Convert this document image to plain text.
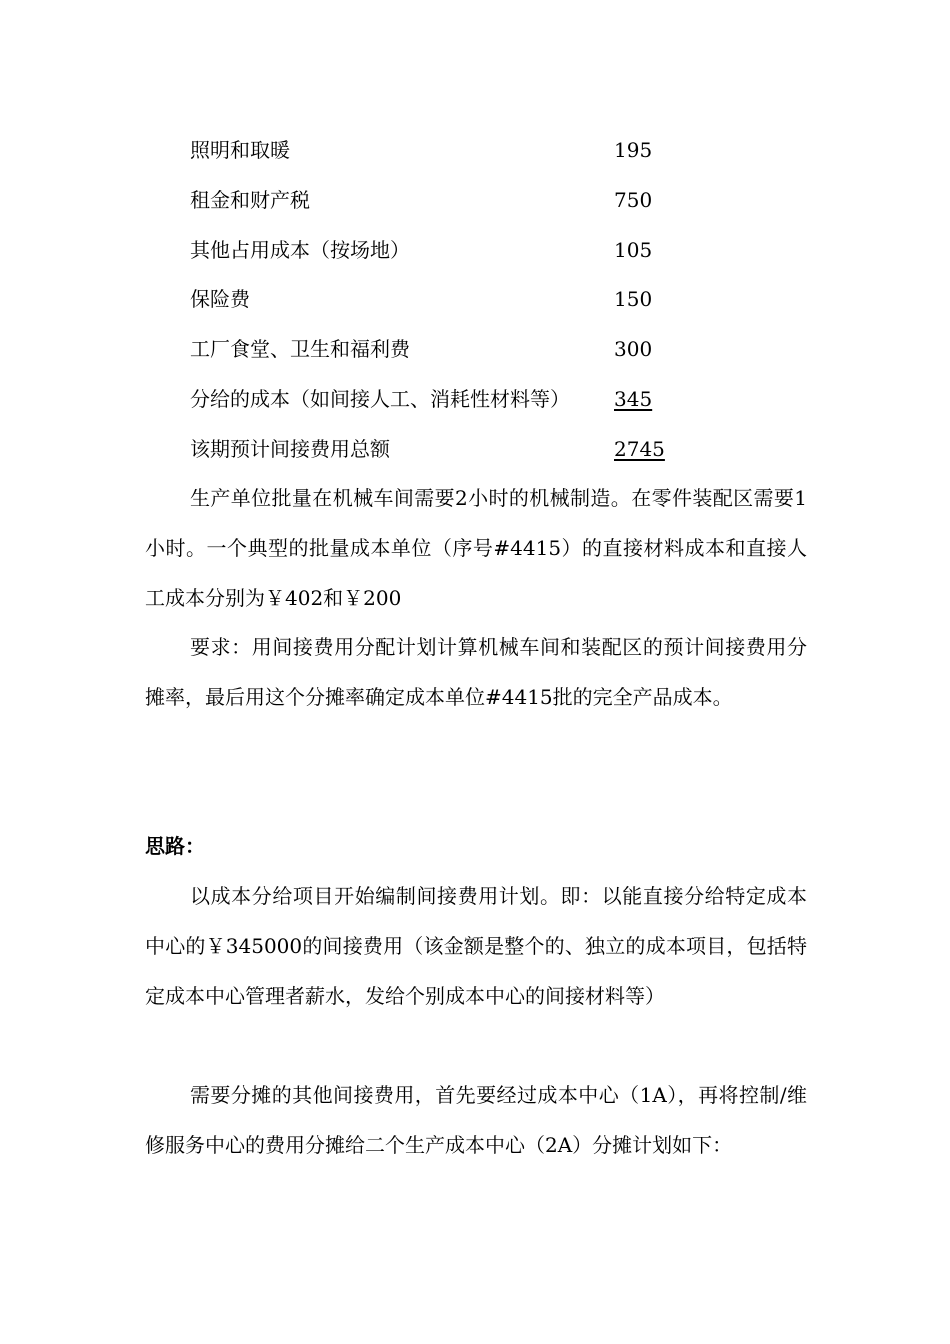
照明和取暖	195
租金和财产税	750
其他占用成本（按场地）	105
保险费	150
工厂食堂、卫生和福利费	300
分给的成本（如间接人工、消耗性材料等） 345
该期预计间接费用总额	2745

生产单位批量在机械车间需要2小时的机械制造。在零件装配区需要1小时。一个典型的批量成本单位（序号#4415）的直接材料成本和直接人工成本分别为￥402和￥200

要求：用间接费用分配计划计算机械车间和装配区的预计间接费用分摊率，最后用这个分摊率确定成本单位#4415批的完全产品成本。

思路：

以成本分给项目开始编制间接费用计划。即：以能直接分给特定成本中心的￥345000的间接费用（该金额是整个的、独立的成本项目，包括特定成本中心管理者薪水，发给个别成本中心的间接材料等）

需要分摊的其他间接费用，首先要经过成本中心（1A），再将控制/维修服务中心的费用分摊给二个生产成本中心（2A）分摊计划如下：
